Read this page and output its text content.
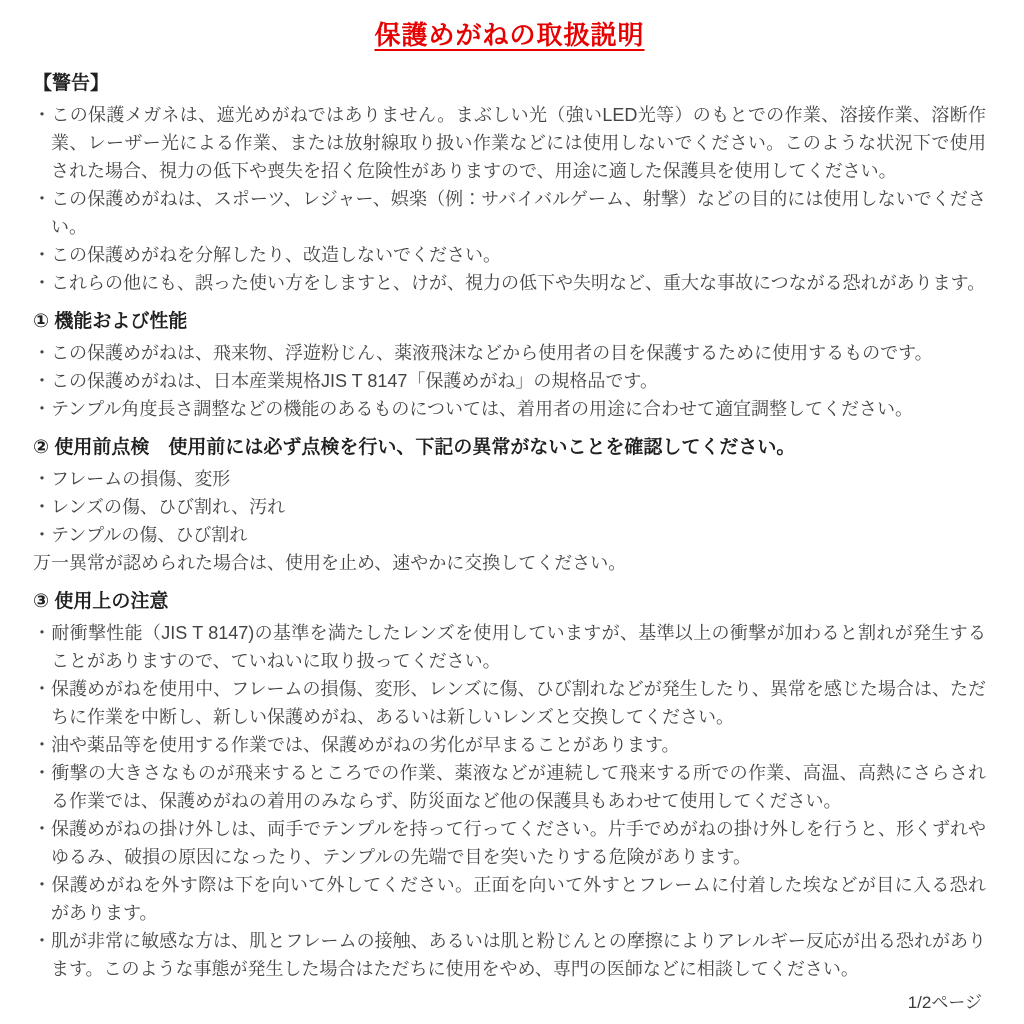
保護めがねの取扱説明
【警告】

・この保護メガネは、遮光めがねではありません。まぶしい光（強いLED光等）のもとでの作業、溶接作業、溶断作業、レーザー光による作業、または放射線取り扱い作業などには使用しないでください。このような状況下で使用された場合、視力の低下や喪失を招く危険性がありますので、用途に適した保護具を使用してください。

・この保護めがねは、スポーツ、レジャー、娯楽（例：サバイバルゲーム、射撃）などの目的には使用しないでください。

・この保護めがねを分解したり、改造しないでください。

・これらの他にも、誤った使い方をしますと、けが、視力の低下や失明など、重大な事故につながる恐れがあります。

① 機能および性能

・この保護めがねは、飛来物、浮遊粉じん、薬液飛沫などから使用者の目を保護するために使用するものです。

・この保護めがねは、日本産業規格JIS T 8147「保護めがね」の規格品です。

・テンプル角度長さ調整などの機能のあるものについては、着用者の用途に合わせて適宜調整してください。

② 使用前点検　使用前には必ず点検を行い、下記の異常がないことを確認してください。

・フレームの損傷、変形

・レンズの傷、ひび割れ、汚れ

・テンプルの傷、ひび割れ

万一異常が認められた場合は、使用を止め、速やかに交換してください。

③ 使用上の注意

・耐衝撃性能（JIS T 8147)の基準を満たしたレンズを使用していますが、基準以上の衝撃が加わると割れが発生することがありますので、ていねいに取り扱ってください。

・保護めがねを使用中、フレームの損傷、変形、レンズに傷、ひび割れなどが発生したり、異常を感じた場合は、ただちに作業を中断し、新しい保護めがね、あるいは新しいレンズと交換してください。

・油や薬品等を使用する作業では、保護めがねの劣化が早まることがあります。

・衝撃の大きさなものが飛来するところでの作業、薬液などが連続して飛来する所での作業、高温、高熱にさらされる作業では、保護めがねの着用のみならず、防災面など他の保護具もあわせて使用してください。

・保護めがねの掛け外しは、両手でテンプルを持って行ってください。片手でめがねの掛け外しを行うと、形くずれやゆるみ、破損の原因になったり、テンプルの先端で目を突いたりする危険があります。

・保護めがねを外す際は下を向いて外してください。正面を向いて外すとフレームに付着した埃などが目に入る恐れがあります。

・肌が非常に敏感な方は、肌とフレームの接触、あるいは肌と粉じんとの摩擦によりアレルギー反応が出る恐れがあります。このような事態が発生した場合はただちに使用をやめ、専門の医師などに相談してください。

1/2ページ
